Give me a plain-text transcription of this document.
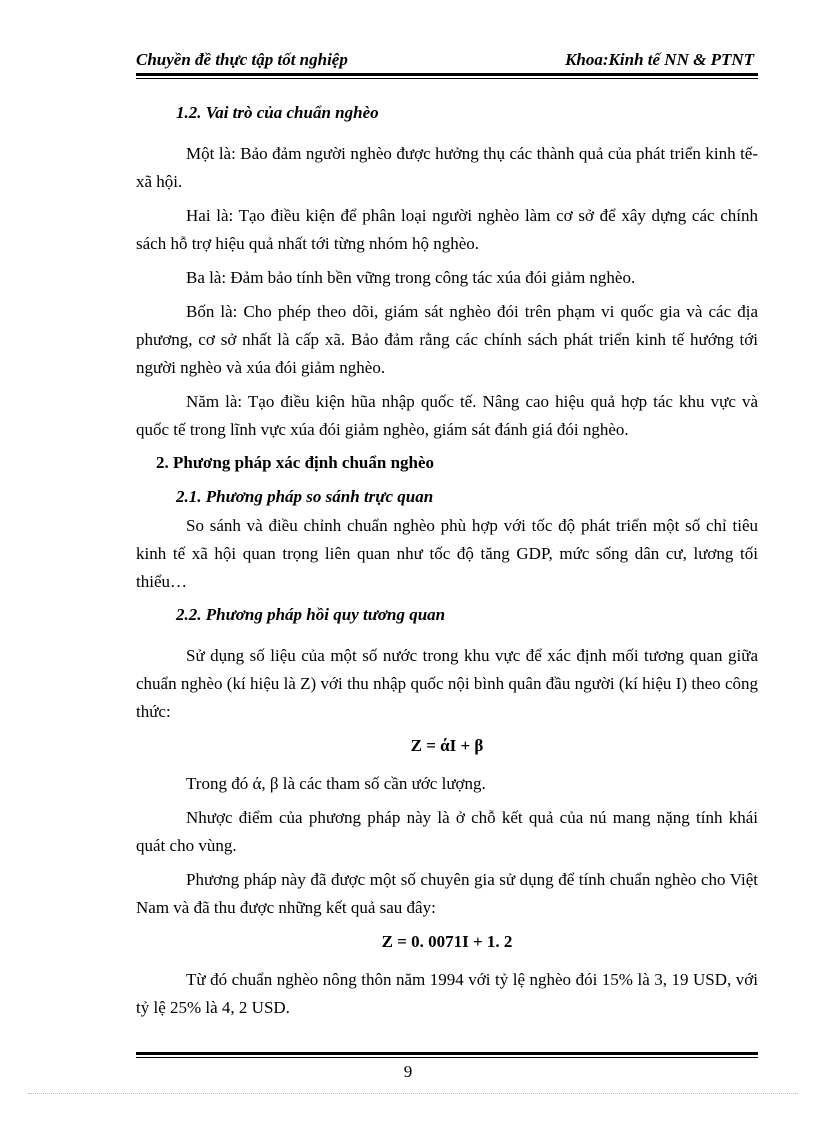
Chuyền đề thực tập tốt nghiệp	Khoa:Kinh tế NN & PTNT
1.2. Vai trò của chuẩn nghèo

Một là: Bảo đảm người nghèo được hưởng thụ các thành quả của phát triển kinh tế- xã hội.

Hai là: Tạo điều kiện để phân loại người nghèo làm cơ sở để xây dựng các chính sách hỗ trợ hiệu quả nhất tới từng nhóm hộ nghèo.

Ba là: Đảm bảo tính bền vững trong công tác xúa đói giảm nghèo.

Bốn là: Cho phép theo dõi, giám sát nghèo đói trên phạm vi quốc gia và các địa phương, cơ sở nhất là cấp xã. Bảo đảm rằng các chính sách phát triển kinh tế hướng tới người nghèo và xúa đói giảm nghèo.

Năm là: Tạo điều kiện hũa nhập quốc tế. Nâng cao hiệu quả hợp tác khu vực và quốc tế trong lĩnh vực xúa đói giảm nghèo, giám sát đánh giá đói nghèo.

2. Phương pháp xác định chuẩn nghèo
2.1. Phương pháp so sánh trực quan

So sánh và điều chỉnh chuẩn nghèo phù hợp với tốc độ phát triển một số chỉ tiêu kinh tế xã hội quan trọng liên quan như tốc độ tăng GDP, mức sống dân cư, lương tối thiểu…

2.2. Phương pháp hồi quy tương quan

Sử dụng số liệu của một số nước trong khu vực để xác định mối tương quan giữa chuẩn nghèo (kí hiệu là Z) với thu nhập quốc nội bình quân đầu người (kí hiệu I) theo công thức:

Z = άI + β

Trong đó ά, β là các tham số cần ước lượng.

Nhược điểm của phương pháp này là ở chỗ kết quả của nú mang nặng tính khái quát cho vùng.

Phương pháp này đã được một số chuyên gia sử dụng để tính chuẩn nghèo cho Việt Nam và đã thu được những kết quả sau đây:

Z = 0. 0071I + 1. 2

Từ đó chuẩn nghèo nông thôn năm 1994 với tỷ lệ nghèo đói 15% là 3, 19 USD, với tỷ lệ 25% là 4, 2 USD.

9
